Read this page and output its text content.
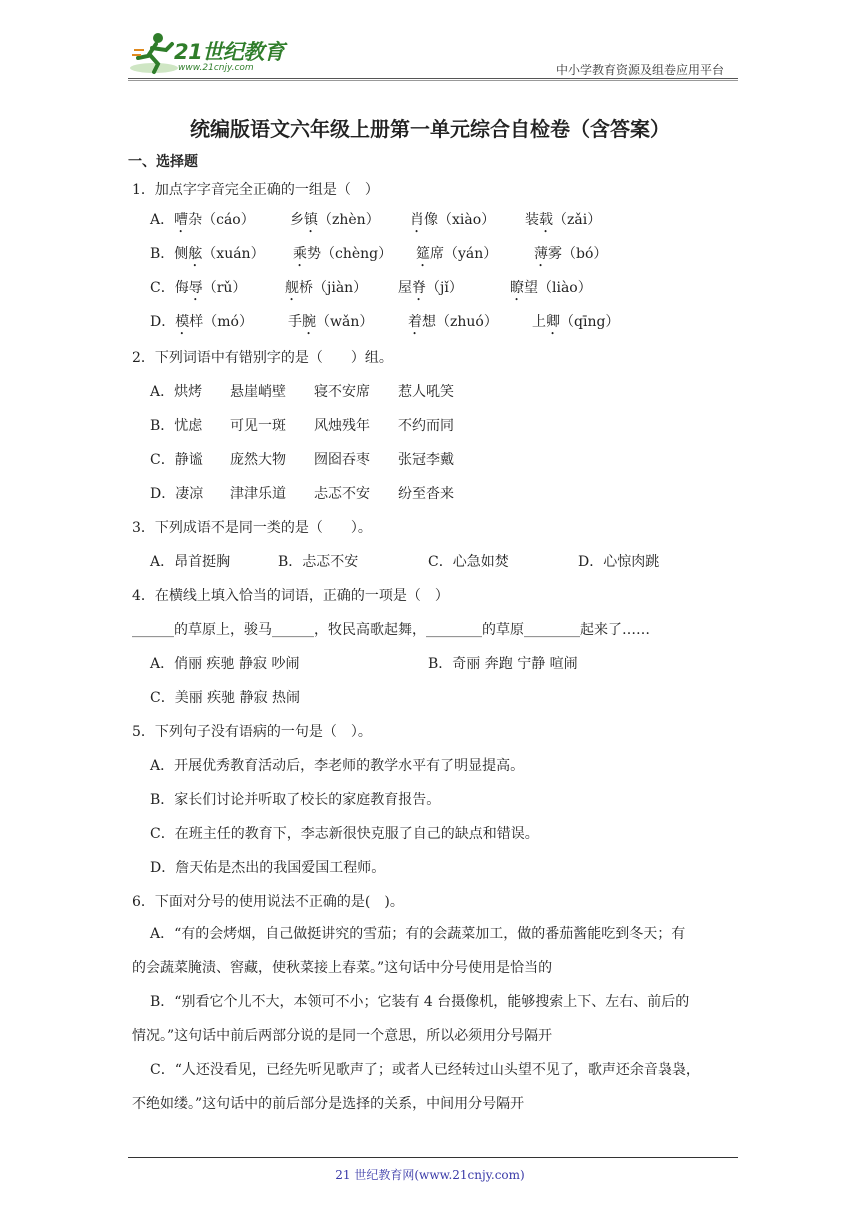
21世纪教育
www.21cnjy.com	中小学教育资源及组卷应用平台
统编版语文六年级上册第一单元综合自检卷（含答案）
一、选择题
1．加点字字音完全正确的一组是（　）
A．嘈杂（cáo）	乡镇（zhèn） 肖像（xiào） 装载（zǎi）
B．侧舷（xuán） 乘势（chèng） 筵席（yán）	薄雾（bó）
C．侮辱（rǔ）	舰桥（jiàn） 屋脊（jǐ）	瞭望（liào）
D．模样（mó）	手腕（wǎn） 着想（zhuó） 上卿（qīng）
2．下列词语中有错别字的是（　　）组。
A．烘烤 悬崖峭壁 寝不安席 惹人吼笑
B．忧虑 可见一斑 风烛残年 不约而同
C．静谧 庞然大物 囫囵吞枣 张冠李戴
D．凄凉 津津乐道 忐忑不安 纷至沓来
3．下列成语不是同一类的是（　　）。
A．昂首挺胸	B．忐忑不安	C．心急如焚	D．心惊肉跳
4．在横线上填入恰当的词语，正确的一项是（　）
______的草原上，骏马______，牧民高歌起舞，________的草原________起来了……
A．俏丽 疾驰 静寂 吵闹	B．奇丽 奔跑 宁静 喧闹
C．美丽 疾驰 静寂 热闹
5．下列句子没有语病的一句是（　）。
A．开展优秀教育活动后，李老师的教学水平有了明显提高。
B．家长们讨论并听取了校长的家庭教育报告。
C．在班主任的教育下，李志新很快克服了自己的缺点和错误。
D．詹天佑是杰出的我国爱国工程师。
6．下面对分号的使用说法不正确的是(　)。
A．“有的会烤烟，自己做挺讲究的雪茄；有的会蔬菜加工，做的番茄酱能吃到冬天；有
的会蔬菜腌渍、窖藏，使秋菜接上春菜。”这句话中分号使用是恰当的
B．“别看它个儿不大，本领可不小；它装有 4 台摄像机，能够搜索上下、左右、前后的
情况。”这句话中前后两部分说的是同一个意思，所以必须用分号隔开
C．“人还没看见，已经先听见歌声了；或者人已经转过山头望不见了，歌声还余音袅袅，
不绝如缕。”这句话中的前后部分是选择的关系，中间用分号隔开
21 世纪教育网(www.21cnjy.com)
